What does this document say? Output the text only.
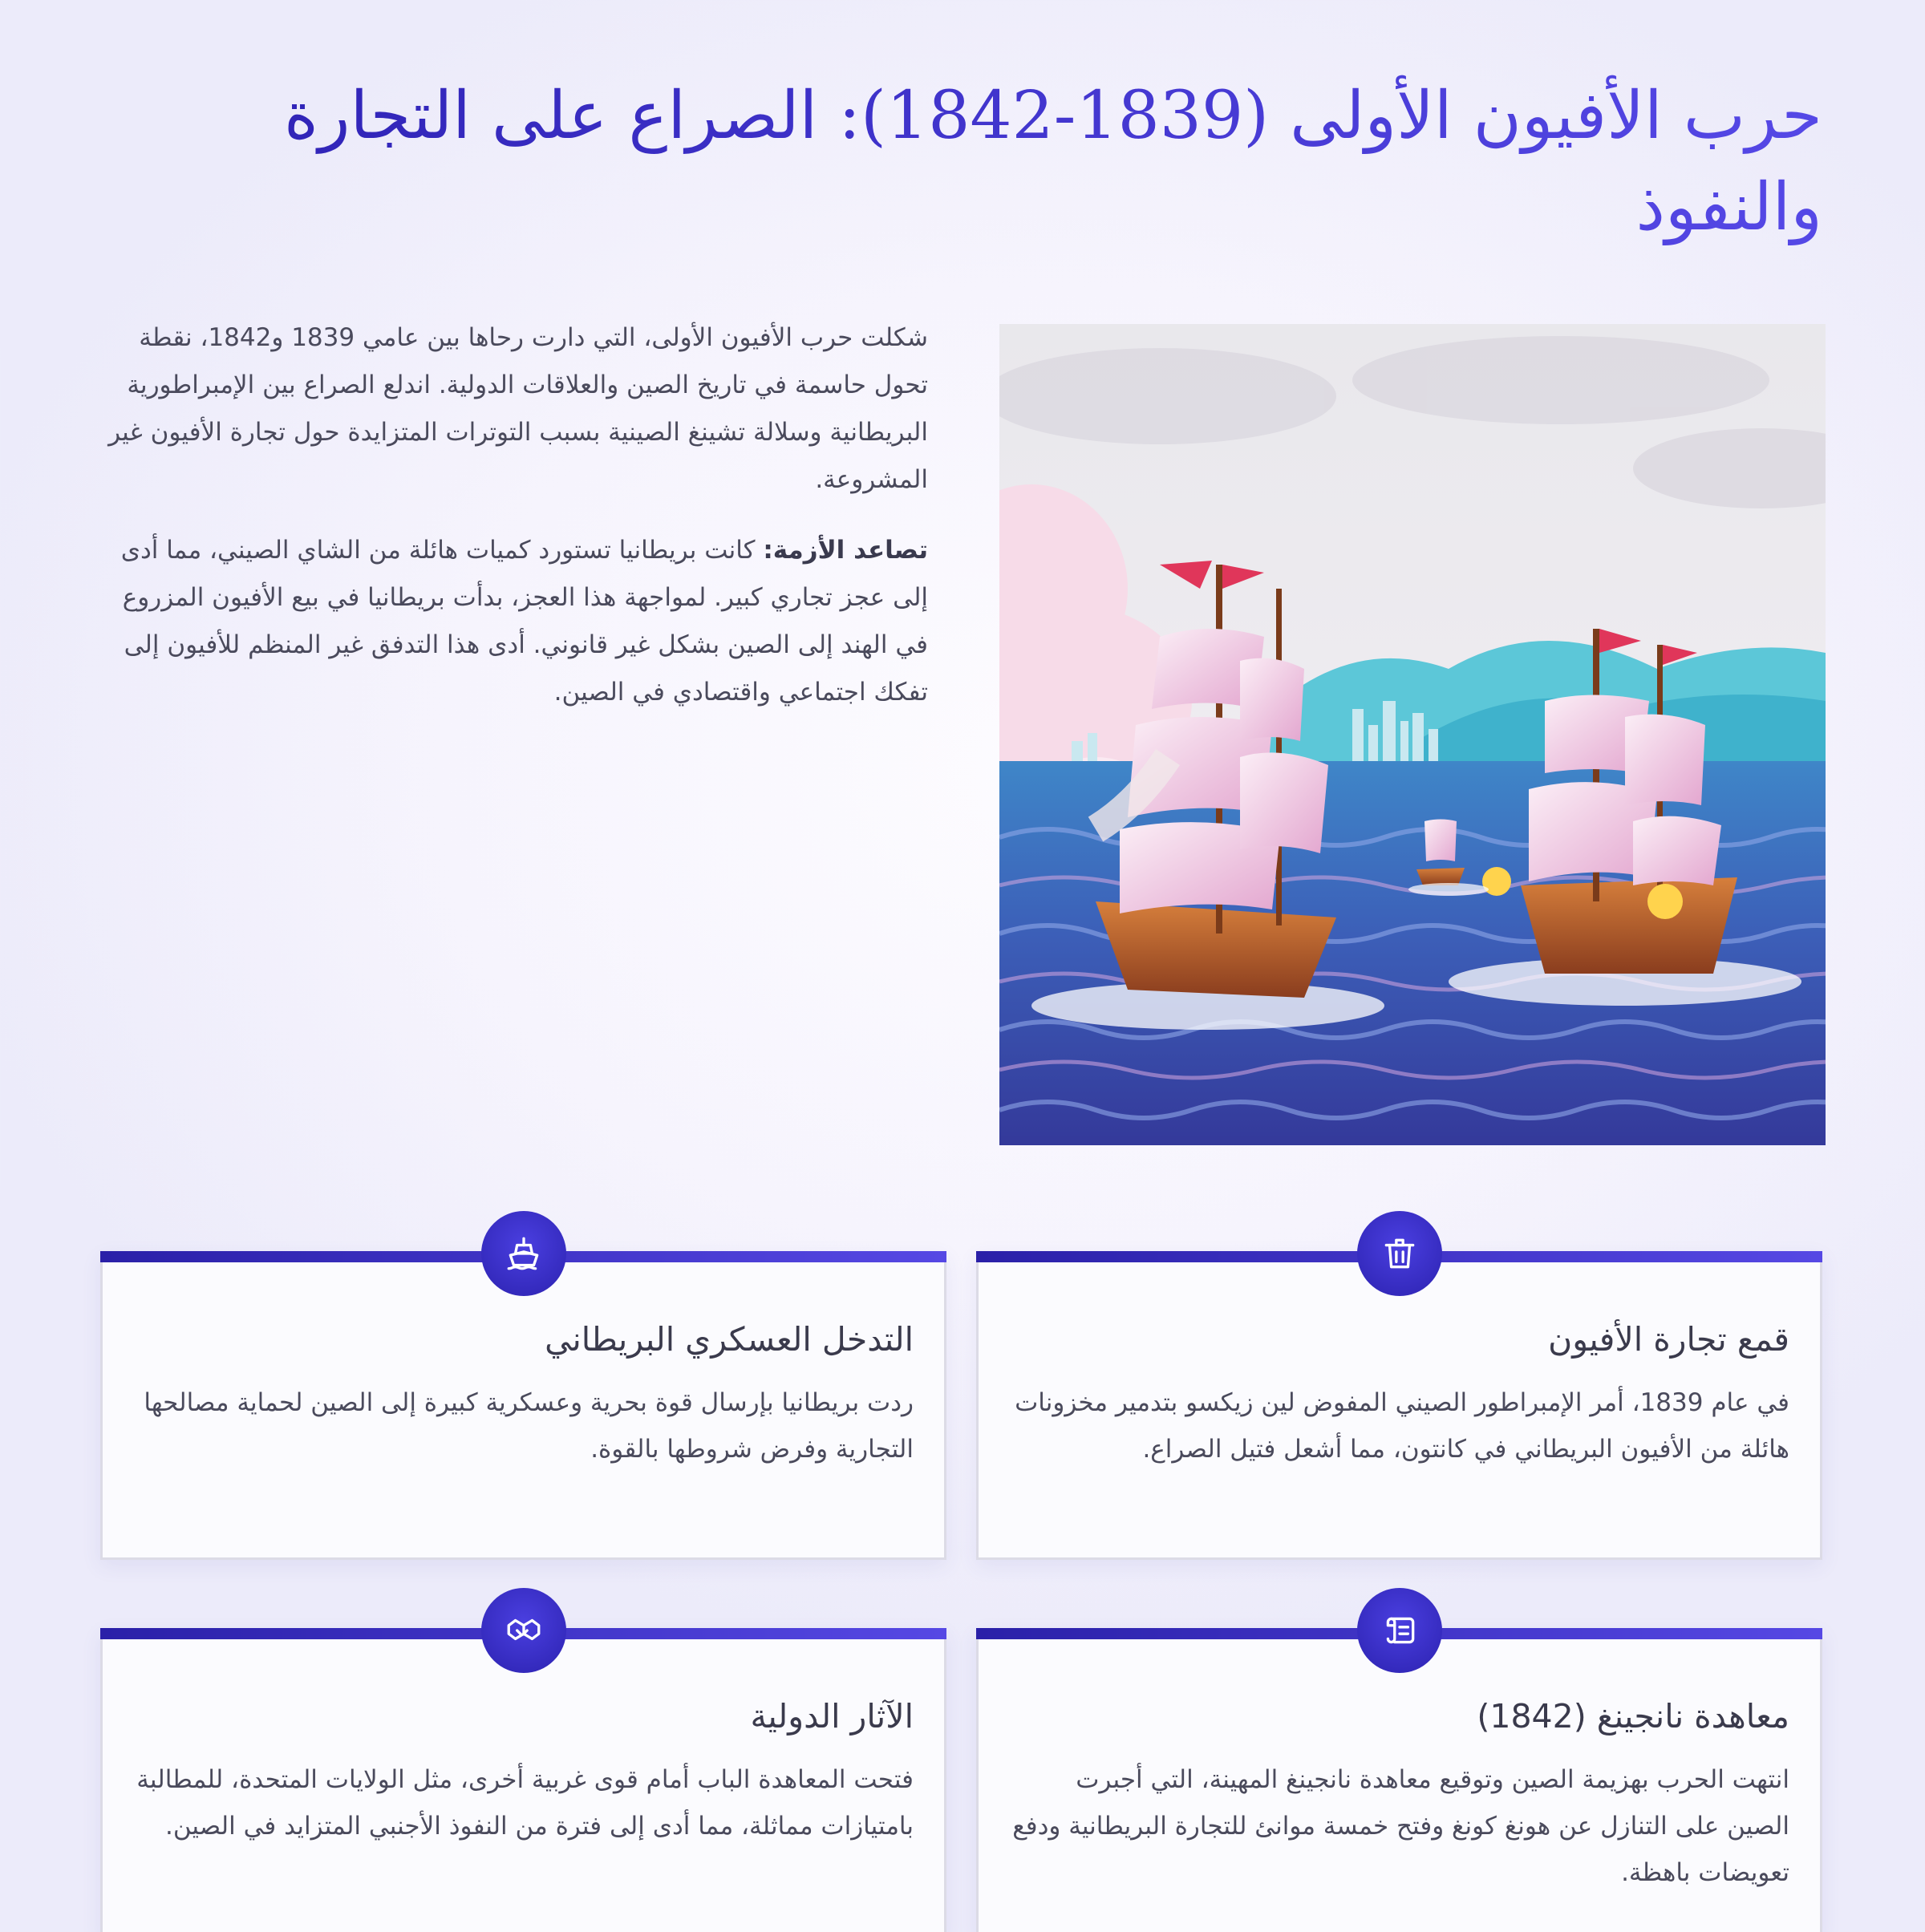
حرب الأفيون الأولى (1839-1842): الصراع على التجارة والنفوذ

شكلت حرب الأفيون الأولى، التي دارت رحاها بين عامي 1839 و1842، نقطة تحول حاسمة في تاريخ الصين والعلاقات الدولية. اندلع الصراع بين الإمبراطورية البريطانية وسلالة تشينغ الصينية بسبب التوترات المتزايدة حول تجارة الأفيون غير المشروعة.

تصاعد الأزمة: كانت بريطانيا تستورد كميات هائلة من الشاي الصيني، مما أدى إلى عجز تجاري كبير. لمواجهة هذا العجز، بدأت بريطانيا في بيع الأفيون المزروع في الهند إلى الصين بشكل غير قانوني. أدى هذا التدفق غير المنظم للأفيون إلى تفكك اجتماعي واقتصادي في الصين.

قمع تجارة الأفيون

في عام 1839، أمر الإمبراطور الصيني المفوض لين زيكسو بتدمير مخزونات هائلة من الأفيون البريطاني في كانتون، مما أشعل فتيل الصراع.

التدخل العسكري البريطاني

ردت بريطانيا بإرسال قوة بحرية وعسكرية كبيرة إلى الصين لحماية مصالحها التجارية وفرض شروطها بالقوة.

معاهدة نانجينغ (1842)

انتهت الحرب بهزيمة الصين وتوقيع معاهدة نانجينغ المهينة، التي أجبرت الصين على التنازل عن هونغ كونغ وفتح خمسة موانئ للتجارة البريطانية ودفع تعويضات باهظة.

الآثار الدولية

فتحت المعاهدة الباب أمام قوى غربية أخرى، مثل الولايات المتحدة، للمطالبة بامتيازات مماثلة، مما أدى إلى فترة من النفوذ الأجنبي المتزايد في الصين.
